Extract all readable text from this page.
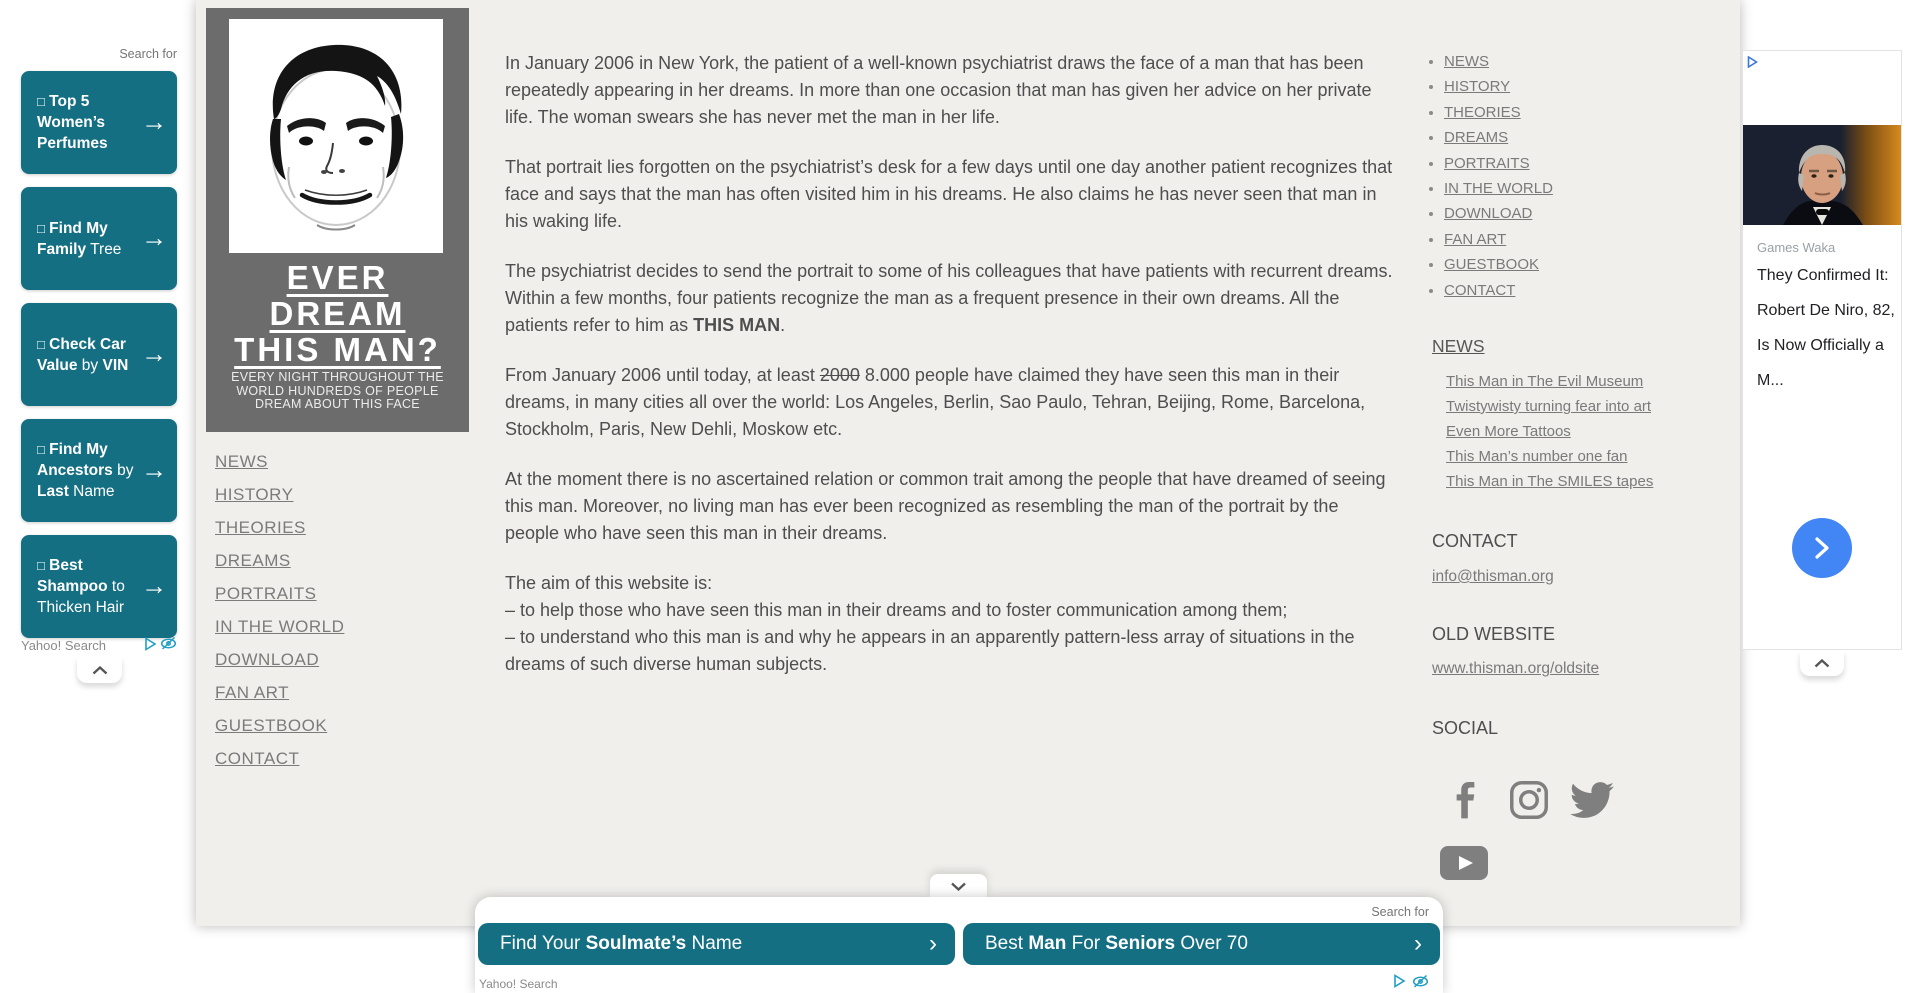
EVER
DREAM
THIS MAN?
EVERY NIGHT THROUGHOUT THE
WORLD HUNDREDS OF PEOPLE
DREAM ABOUT THIS FACE
NEWS
HISTORY
THEORIES
DREAMS
PORTRAITS
IN THE WORLD
DOWNLOAD
FAN ART
GUESTBOOK
CONTACT

In January 2006 in New York, the patient of a well-known psychiatrist draws the face of a man that has been repeatedly appearing in her dreams. In more than one occasion that man has given her advice on her private life. The woman swears she has never met the man in her life.

That portrait lies forgotten on the psychiatrist’s desk for a few days until one day another patient recognizes that face and says that the man has often visited him in his dreams. He also claims he has never seen that man in his waking life.

The psychiatrist decides to send the portrait to some of his colleagues that have patients with recurrent dreams. Within a few months, four patients recognize the man as a frequent presence in their own dreams. All the patients refer to him as THIS MAN.

From January 2006 until today, at least 2000 8.000 people have claimed they have seen this man in their dreams, in many cities all over the world: Los Angeles, Berlin, Sao Paulo, Tehran, Beijing, Rome, Barcelona, Stockholm, Paris, New Dehli, Moskow etc.

At the moment there is no ascertained relation or common trait among the people that have dreamed of seeing this man. Moreover, no living man has ever been recognized as resembling the man of the portrait by the people who have seen this man in their dreams.

The aim of this website is:
– to help those who have seen this man in their dreams and to foster communication among them;
– to understand who this man is and why he appears in an apparently pattern-less array of situations in the dreams of such diverse human subjects.

• NEWS
• HISTORY
• THEORIES
• DREAMS
• PORTRAITS
• IN THE WORLD
• DOWNLOAD
• FAN ART
• GUESTBOOK
• CONTACT
NEWS
This Man in The Evil Museum
Twistywisty turning fear into art
Even More Tattoos
This Man’s number one fan
This Man in The SMILES tapes
CONTACT
info@thisman.org
OLD WEBSITE
www.thisman.org/oldsite
SOCIAL
Search for
□ Top 5 Women’s Perfumes
→
□ Find My Family Tree →
□ Check Car Value by VIN →
□ Find My Ancestors by Last Name
→
□ Best Shampoo to Thicken Hair
→
Yahoo! Search
Games Waka
They Confirmed It:
Robert De Niro, 82,
Is Now Officially a
M...
Search for
Find Your Soulmate’s Name	›	Best Man For Seniors Over 70	›
Yahoo! Search
